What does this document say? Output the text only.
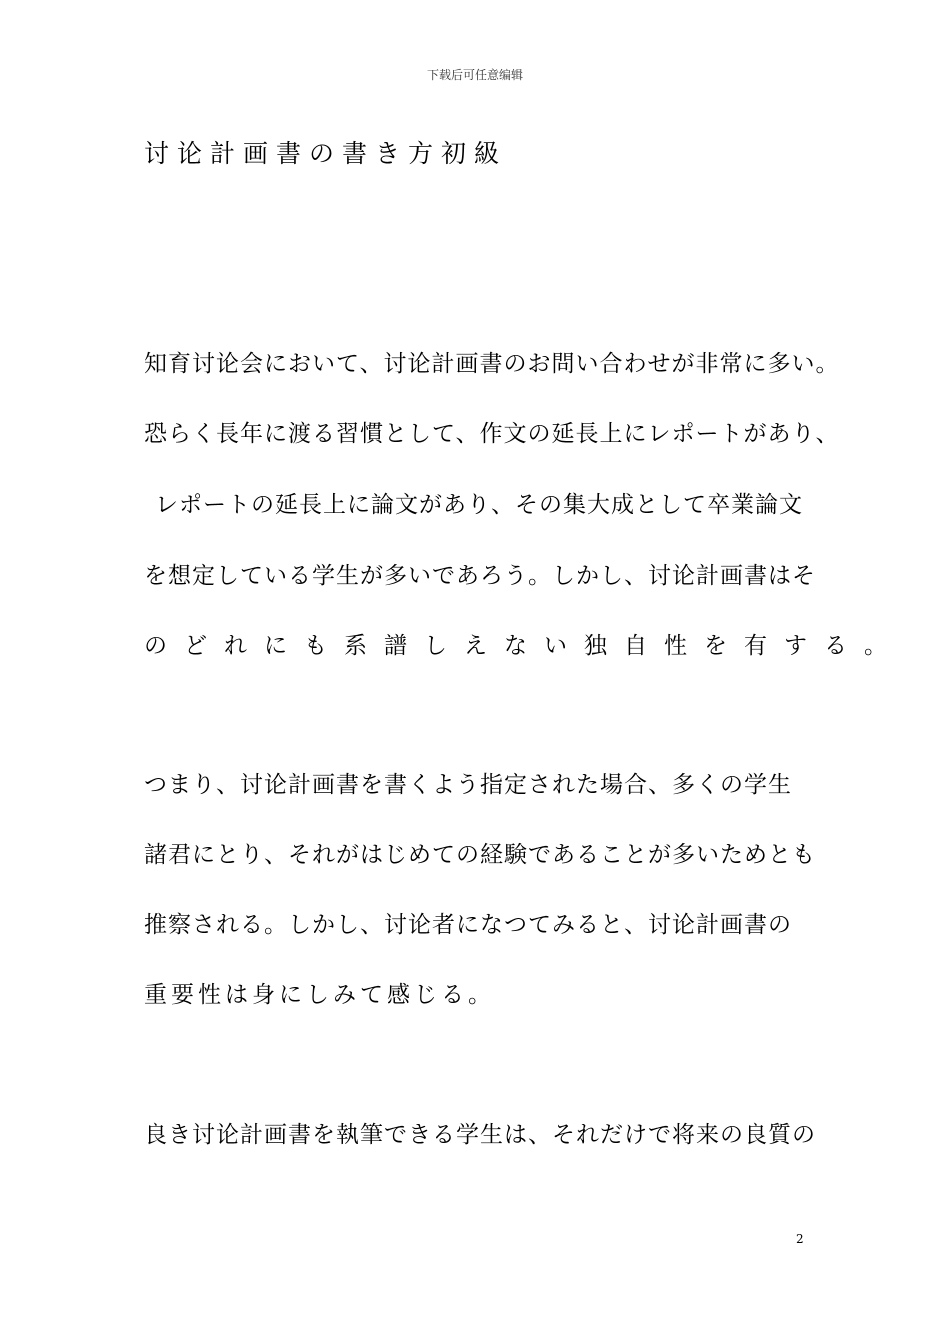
下载后可任意编辑
讨论計画書の書き方初級
知育讨论会において、讨论計画書のお問い合わせが非常に多い。
恐らく長年に渡る習慣として、作文の延長上にレポートがあり、
レポートの延長上に論文があり、その集大成として卒業論文
を想定している学生が多いであろう。しかし、讨论計画書はそ
のどれにも系譜しえない独自性を有する。
つまり、讨论計画書を書くよう指定された場合、多くの学生
諸君にとり、それがはじめての経験であることが多いためとも
推察される。しかし、讨论者になつてみると、讨论計画書の
重要性は身にしみて感じる。
良き讨论計画書を執筆できる学生は、それだけで将来の良質の
2
